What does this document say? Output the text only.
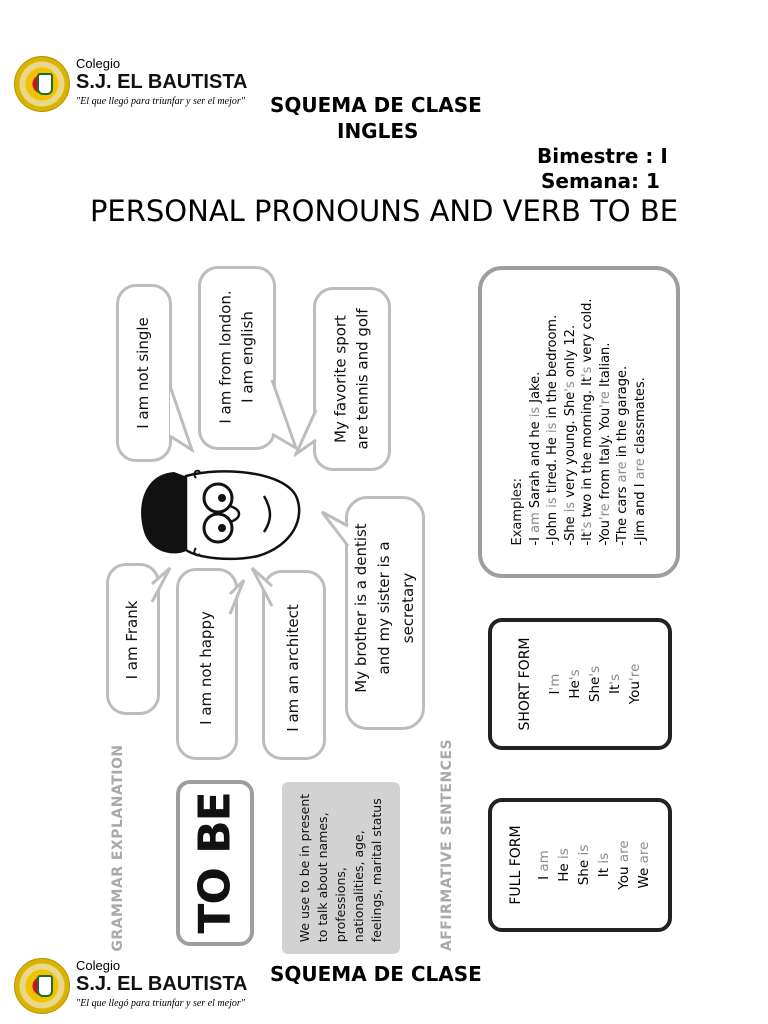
Colegio
S.J. EL BAUTISTA
"El que llegó para triunfar y ser el mejor" SQUEMA DE CLASE
INGLES
Bimestre : I
Semana: 1
PERSONAL PRONOUNS AND VERB TO BE
I am not single	I am from london. I am english	My favorite sport are tennis and golf
I am Frank	I am not happy	I am an architect	My brother is a dentist and my sister is a secretary
Examples: -I am Sarah and he is Jake.
-John is tired. He is in the bedroom.
-She is very young. She's only 12.
-It's two in the morning. It's very cold.
-You're from Italy. You're Italian.
-The cars are in the garage.
-Jim and I are classmates.
SHORT FORM I'm He's
She's
It's
You're
FULL FORM I am He is
She is
It is
You are
We are
TO BE	We use to be in present to talk about names, professions, nationalities, age, feelings, marital status
GRAMMAR EXPLANATION	AFFIRMATIVE SENTENCES
Colegio
S.J. EL BAUTISTA
"El que llegó para triunfar y ser el mejor"
SQUEMA DE CLASE
